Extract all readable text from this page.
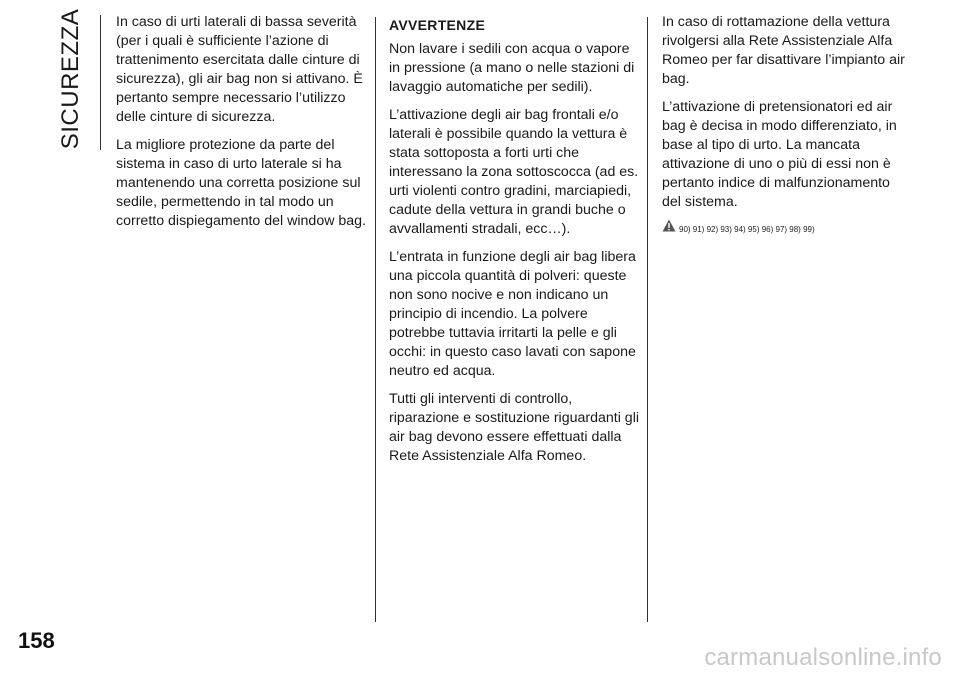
SICUREZZA In caso di urti laterali di bassa severità (per i quali è sufficiente l’azione di trattenimento esercitata dalle cinture di sicurezza), gli air bag non si attivano. È pertanto sempre necessario l’utilizzo delle cinture di sicurezza.

La migliore protezione da parte del sistema in caso di urto laterale si ha mantenendo una corretta posizione sul sedile, permettendo in tal modo un corretto dispiegamento del window bag.

AVVERTENZE

Non lavare i sedili con acqua o vapore in pressione (a mano o nelle stazioni di lavaggio automatiche per sedili).

L’attivazione degli air bag frontali e/o laterali è possibile quando la vettura è stata sottoposta a forti urti che interessano la zona sottoscocca (ad es. urti violenti contro gradini, marciapiedi, cadute della vettura in grandi buche o avvallamenti stradali, ecc…).

L’entrata in funzione degli air bag libera una piccola quantità di polveri: queste non sono nocive e non indicano un principio di incendio. La polvere potrebbe tuttavia irritarti la pelle e gli occhi: in questo caso lavati con sapone neutro ed acqua.

Tutti gli interventi di controllo, riparazione e sostituzione riguardanti gli air bag devono essere effettuati dalla Rete Assistenziale Alfa Romeo.

In caso di rottamazione della vettura rivolgersi alla Rete Assistenziale Alfa Romeo per far disattivare l’impianto air bag.

L’attivazione di pretensionatori ed air bag è decisa in modo differenziato, in base al tipo di urto. La mancata attivazione di uno o più di essi non è pertanto indice di malfunzionamento del sistema.

90) 91) 92) 93) 94) 95) 96) 97) 98) 99)
158
carmanualsonline.info
